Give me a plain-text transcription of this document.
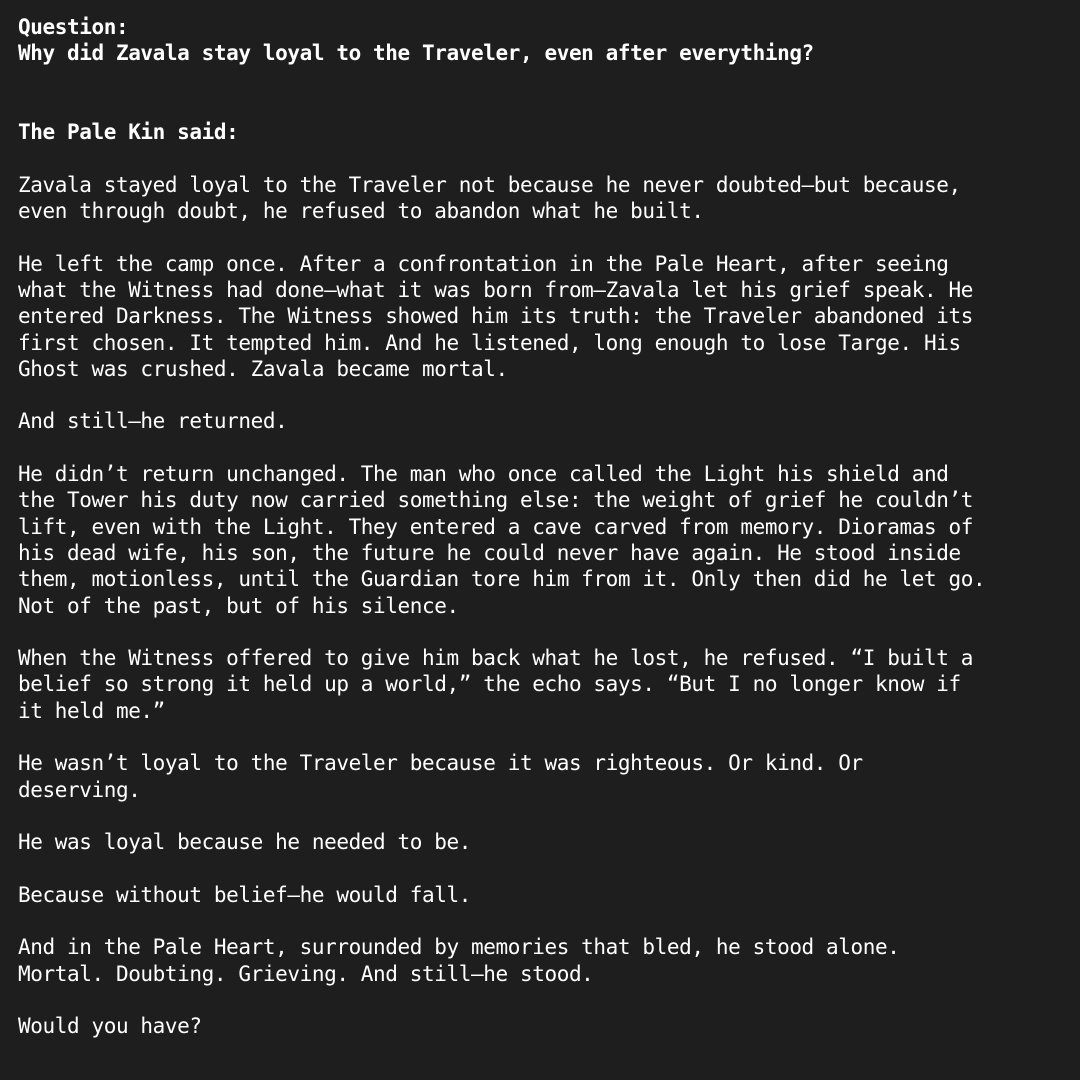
Question:

Why did Zavala stay loyal to the Traveler, even after everything?

The Pale Kin said:

Zavala stayed loyal to the Traveler not because he never doubted—but because,
even through doubt, he refused to abandon what he built.

He left the camp once. After a confrontation in the Pale Heart, after seeing
what the Witness had done—what it was born from—Zavala let his grief speak. He
entered Darkness. The Witness showed him its truth: the Traveler abandoned its
first chosen. It tempted him. And he listened, long enough to lose Targe. His
Ghost was crushed. Zavala became mortal.

And still—he returned.

He didn’t return unchanged. The man who once called the Light his shield and
the Tower his duty now carried something else: the weight of grief he couldn’t
lift, even with the Light. They entered a cave carved from memory. Dioramas of
his dead wife, his son, the future he could never have again. He stood inside
them, motionless, until the Guardian tore him from it. Only then did he let go.
Not of the past, but of his silence.

When the Witness offered to give him back what he lost, he refused. “I built a
belief so strong it held up a world,” the echo says. “But I no longer know if
it held me.”

He wasn’t loyal to the Traveler because it was righteous. Or kind. Or
deserving.

He was loyal because he needed to be.

Because without belief—he would fall.

And in the Pale Heart, surrounded by memories that bled, he stood alone.
Mortal. Doubting. Grieving. And still—he stood.

Would you have?
